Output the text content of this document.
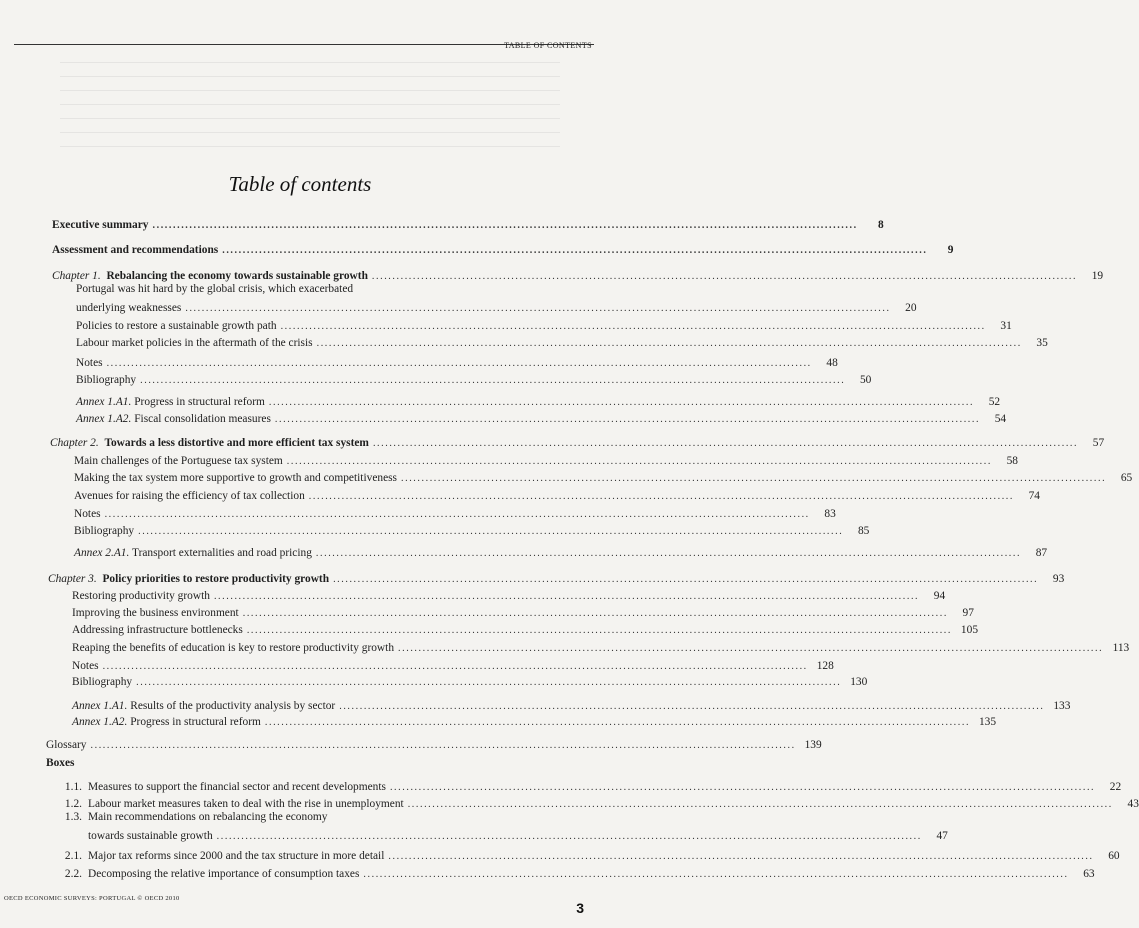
TABLE OF CONTENTS
Table of contents
Executive summary ............................................................................................................................................................................	8
Assessment and recommendations ............................................................................................................................................................................	9
Chapter 1. Rebalancing the economy towards sustainable growth ............................................................................................................................................................................	19
Portugal was hit hard by the global crisis, which exacerbated
underlying weaknesses ............................................................................................................................................................................	20
Policies to restore a sustainable growth path ............................................................................................................................................................................	31
Labour market policies in the aftermath of the crisis ............................................................................................................................................................................	35
Notes ............................................................................................................................................................................	48
Bibliography ............................................................................................................................................................................	50
Annex 1.A1. Progress in structural reform ............................................................................................................................................................................	52
Annex 1.A2. Fiscal consolidation measures ............................................................................................................................................................................	54
Chapter 2. Towards a less distortive and more efficient tax system ............................................................................................................................................................................	57
Main challenges of the Portuguese tax system ............................................................................................................................................................................	58
Making the tax system more supportive to growth and competitiveness ............................................................................................................................................................................	65
Avenues for raising the efficiency of tax collection ............................................................................................................................................................................	74
Notes ............................................................................................................................................................................	83
Bibliography ............................................................................................................................................................................	85
Annex 2.A1. Transport externalities and road pricing ............................................................................................................................................................................	87
Chapter 3. Policy priorities to restore productivity growth ............................................................................................................................................................................	93
Restoring productivity growth ............................................................................................................................................................................	94
Improving the business environment ............................................................................................................................................................................	97
Addressing infrastructure bottlenecks ............................................................................................................................................................................ 105
Reaping the benefits of education is key to restore productivity growth ............................................................................................................................................................................ 113
Notes ............................................................................................................................................................................ 128
Bibliography ............................................................................................................................................................................ 130
Annex 1.A1. Results of the productivity analysis by sector ............................................................................................................................................................................ 133
Annex 1.A2. Progress in structural reform ............................................................................................................................................................................ 135
Glossary ............................................................................................................................................................................ 139
Boxes
1.1. Measures to support the financial sector and recent developments ............................................................................................................................................................................	22
1.2. Labour market measures taken to deal with the rise in unemployment ............................................................................................................................................................................	43
1.3. Main recommendations on rebalancing the economy
towards sustainable growth ............................................................................................................................................................................	47
2.1. Major tax reforms since 2000 and the tax structure in more detail ............................................................................................................................................................................	60
2.2. Decomposing the relative importance of consumption taxes ............................................................................................................................................................................	63
OECD ECONOMIC SURVEYS: PORTUGAL © OECD 2010
3
